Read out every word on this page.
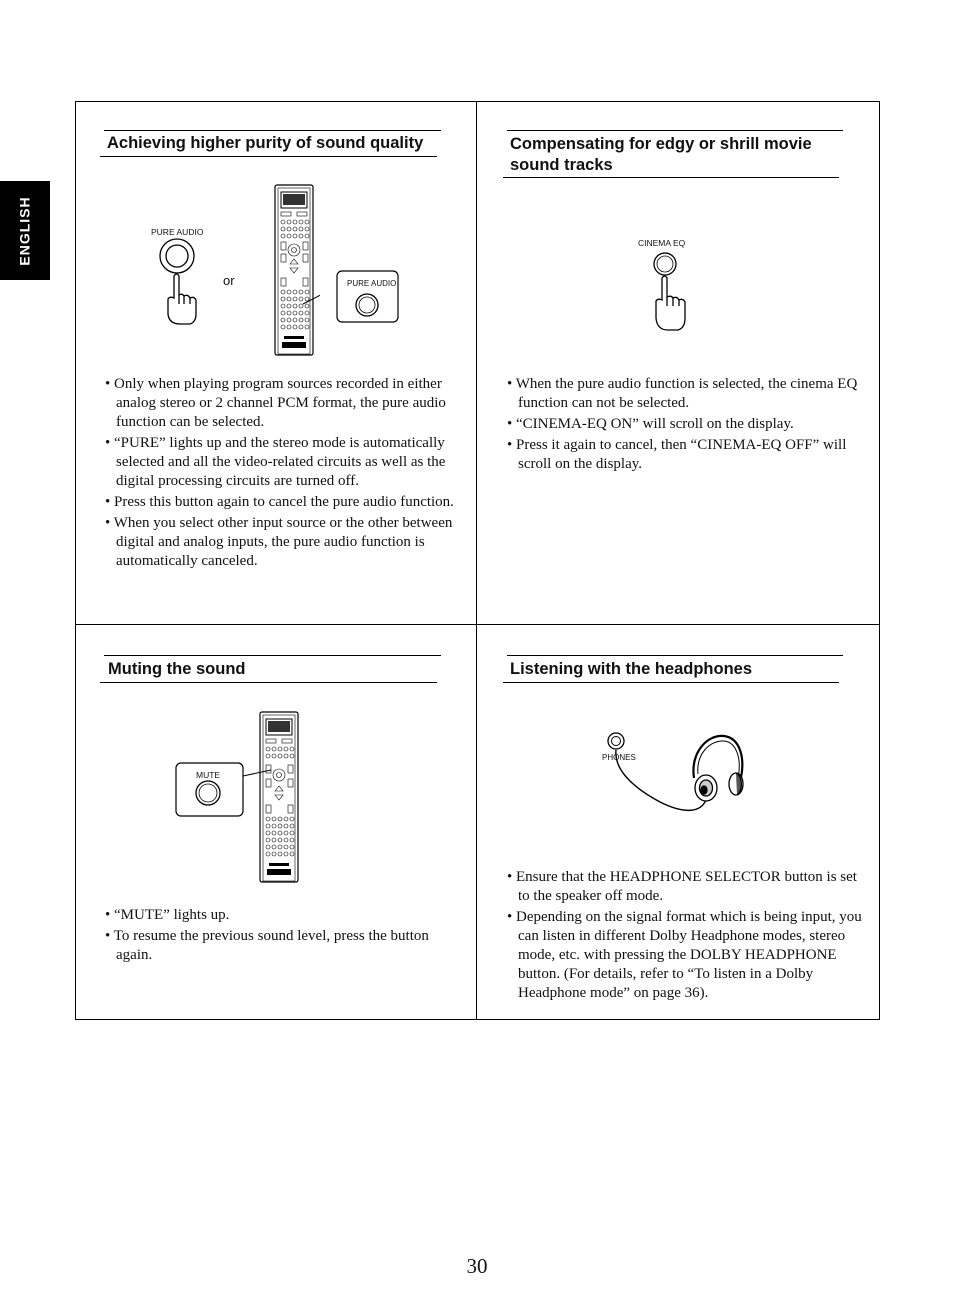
ENGLISH
Achieving higher purity of sound quality
PURE AUDIO
or	PURE AUDIO
• Only when playing program sources recorded in either analog stereo or 2 channel PCM format, the pure audio function can be selected.
• “PURE” lights up and the stereo mode is automatically selected and all the video-related circuits as well as the digital processing circuits are turned off.
• Press this button again to cancel the pure audio function.
• When you select other input source or the other between digital and analog inputs, the pure audio function is automatically canceled.
Compensating for edgy or shrill movie sound tracks
CINEMA EQ
• When the pure audio function is selected, the cinema EQ function can not be selected.
• “CINEMA-EQ ON” will scroll on the display.
• Press it again to cancel, then “CINEMA-EQ OFF” will scroll on the display.
Muting the sound
MUTE
• “MUTE” lights up.
• To resume the previous sound level, press the button again.
Listening with the headphones
PHONES
• Ensure that the HEADPHONE SELECTOR button is set to the speaker off mode.
• Depending on the signal format which is being input, you can listen in different Dolby Headphone modes, stereo mode, etc. with pressing the DOLBY HEADPHONE button. (For details, refer to “To listen in a Dolby Headphone mode” on page 36).
30
